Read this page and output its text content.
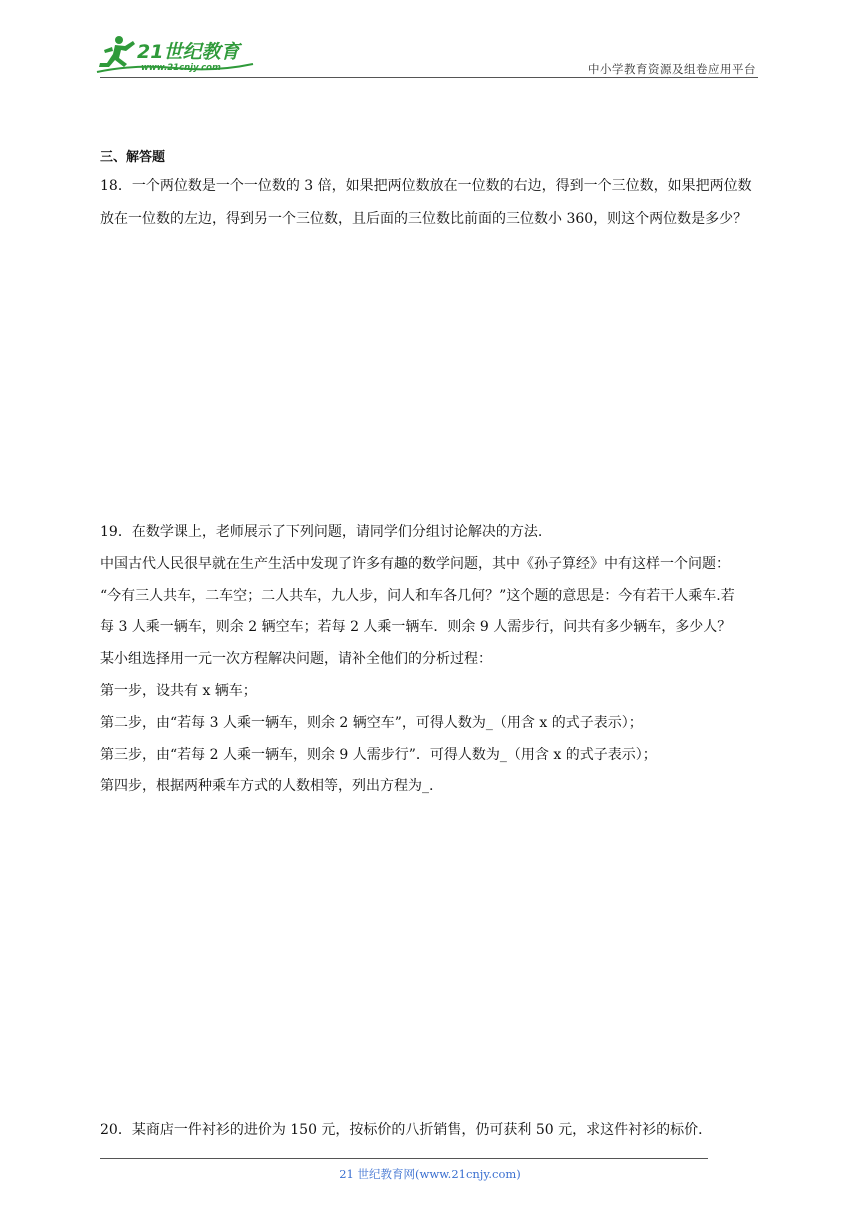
21世纪教育
www.21cnjy.com	中小学教育资源及组卷应用平台
三、解答题
18．一个两位数是一个一位数的 3 倍，如果把两位数放在一位数的右边，得到一个三位数，如果把两位数放在一位数的左边，得到另一个三位数，且后面的三位数比前面的三位数小 360，则这个两位数是多少？
19．在数学课上，老师展示了下列问题，请同学们分组讨论解决的方法.
中国古代人民很早就在生产生活中发现了许多有趣的数学问题，其中《孙子算经》中有这样一个问题：
“今有三人共车，二车空；二人共车，九人步，问人和车各几何？”这个题的意思是：今有若干人乘车.若
每 3 人乘一辆车，则余 2 辆空车；若每 2 人乘一辆车．则余 9 人需步行，问共有多少辆车，多少人？
某小组选择用一元一次方程解决问题，请补全他们的分析过程：
第一步，设共有 x 辆车；
第二步，由“若每 3 人乘一辆车，则余 2 辆空车”，可得人数为_（用含 x 的式子表示）；
第三步，由“若每 2 人乘一辆车，则余 9 人需步行”．可得人数为_（用含 x 的式子表示）；
第四步，根据两种乘车方式的人数相等，列出方程为_.
20．某商店一件衬衫的进价为 150 元，按标价的八折销售，仍可获利 50 元，求这件衬衫的标价．
21 世纪教育网(www.21cnjy.com)
